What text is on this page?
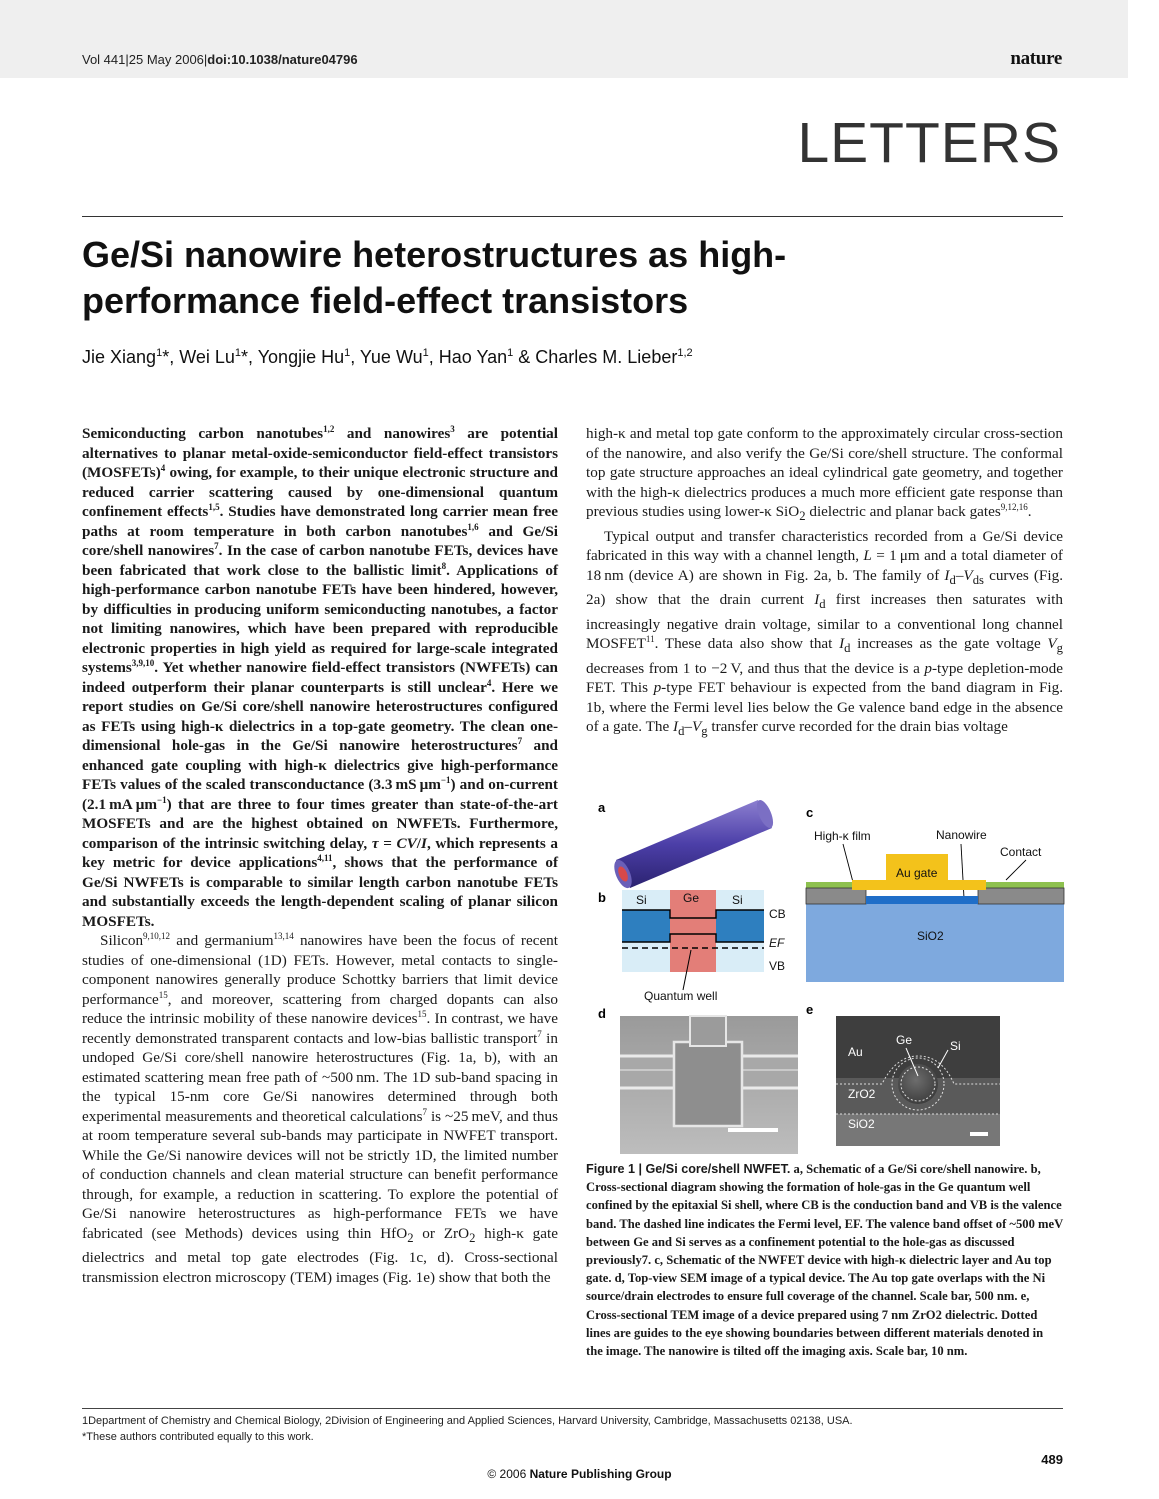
Vol 441|25 May 2006|doi:10.1038/nature04796	nature
LETTERS
Ge/Si nanowire heterostructures as high-performance field-effect transistors
Jie Xiang$^1$*, Wei Lu$^1$*, Yongjie Hu$^1$, Yue Wu$^1$, Hao Yan$^1$ & Charles M. Lieber$^{1,2}$

Semiconducting carbon nanotubes$^{1,2}$ and nanowires$^3$ are potential alternatives to planar metal-oxide-semiconductor field-effect transistors (MOSFETs)$^4$ owing, for example, to their unique electronic structure and reduced carrier scattering caused by one-dimensional quantum confinement effects$^{1,5}$. Studies have demonstrated long carrier mean free paths at room temperature in both carbon nanotubes$^{1,6}$ and Ge/Si core/shell nanowires$^7$. In the case of carbon nanotube FETs, devices have been fabricated that work close to the ballistic limit$^8$. Applications of high-performance carbon nanotube FETs have been hindered, however, by difficulties in producing uniform semiconducting nanotubes, a factor not limiting nanowires, which have been prepared with reproducible electronic properties in high yield as required for large-scale integrated systems$^{3,9,10}$. Yet whether nanowire field-effect transistors (NWFETs) can indeed outperform their planar counterparts is still unclear$^4$. Here we report studies on Ge/Si core/shell nanowire heterostructures configured as FETs using high-κ dielectrics in a top-gate geometry. The clean one-dimensional hole-gas in the Ge/Si nanowire heterostructures$^7$ and enhanced gate coupling with high-κ dielectrics give high-performance FETs values of the scaled transconductance (3.3 mS $\mu m^{-1}$) and on-current (2.1 mA $\mu m^{-1}$) that are three to four times greater than state-of-the-art MOSFETs and are the highest obtained on NWFETs. Furthermore, comparison of the intrinsic switching delay, τ = CV/I, which represents a key metric for device applications$^{4,11}$, shows that the performance of Ge/Si NWFETs is comparable to similar length carbon nanotube FETs and substantially exceeds the length-dependent scaling of planar silicon MOSFETs.

Silicon$^{9,10,12}$ and germanium$^{13,14}$ nanowires have been the focus of recent studies of one-dimensional (1D) FETs. However, metal contacts to single-component nanowires generally produce Schottky barriers that limit device performance$^{15}$, and moreover, scattering from charged dopants can also reduce the intrinsic mobility of these nanowire devices$^{15}$. In contrast, we have recently demonstrated transparent contacts and low-bias ballistic transport$^7$ in undoped Ge/Si core/shell nanowire heterostructures (Fig. 1a, b), with an estimated scattering mean free path of ~500 nm. The 1D sub-band spacing in the typical 15-nm core Ge/Si nanowires determined through both experimental measurements and theoretical calculations$^7$ is ~25 meV, and thus at room temperature several sub-bands may participate in NWFET transport. While the Ge/Si nanowire devices will not be strictly 1D, the limited number of conduction channels and clean material structure can benefit performance through, for example, a reduction in scattering. To explore the potential of Ge/Si nanowire heterostructures as high-performance FETs we have fabricated (see Methods) devices using thin HfO$_2$ or ZrO$_2$ high-κ gate dielectrics and metal top gate electrodes (Fig. 1c, d). Cross-sectional transmission electron microscopy (TEM) images (Fig. 1e) show that both the

high-κ and metal top gate conform to the approximately circular cross-section of the nanowire, and also verify the Ge/Si core/shell structure. The conformal top gate structure approaches an ideal cylindrical gate geometry, and together with the high-κ dielectrics produces a much more efficient gate response than previous studies using lower-κ SiO$_2$ dielectric and planar back gates$^{9,12,16}$.

Typical output and transfer characteristics recorded from a Ge/Si device fabricated in this way with a channel length, L = 1 μm and a total diameter of 18 nm (device A) are shown in Fig. 2a, b. The family of $I_d-V_{ds}$ curves (Fig. 2a) show that the drain current $I_d$ first increases then saturates with increasingly negative drain voltage, similar to a conventional long channel MOSFET$^{11}$. These data also show that $I_d$ increases as the gate voltage $V_g$ decreases from 1 to −2 V, and thus that the device is a p-type depletion-mode FET. This p-type FET behaviour is expected from the band diagram in Fig. 1b, where the Fermi level lies below the Ge valence band edge in the absence of a gate. The $I_d-V_g$ transfer curve recorded for the drain bias voltage

a
b	Si	Ge	Si
CB
EF
VB
Quantum well
c
High-κ film	Nanowire
Contact
Au gate
SiO2
d	e
Au
Ge	Si
ZrO2
SiO2
Figure 1 | Ge/Si core/shell NWFET. a, Schematic of a Ge/Si core/shell nanowire. b, Cross-sectional diagram showing the formation of hole-gas in the Ge quantum well confined by the epitaxial Si shell, where CB is the conduction band and VB is the valence band. The dashed line indicates the Fermi level, EF. The valence band offset of ~500 meV between Ge and Si serves as a confinement potential to the hole-gas as discussed previously7. c, Schematic of the NWFET device with high-κ dielectric layer and Au top gate. d, Top-view SEM image of a typical device. The Au top gate overlaps with the Ni source/drain electrodes to ensure full coverage of the channel. Scale bar, 500 nm. e, Cross-sectional TEM image of a device prepared using 7 nm ZrO2 dielectric. Dotted lines are guides to the eye showing boundaries between different materials denoted in the image. The nanowire is tilted off the imaging axis. Scale bar, 10 nm.
1Department of Chemistry and Chemical Biology, 2Division of Engineering and Applied Sciences, Harvard University, Cambridge, Massachusetts 02138, USA.
*These authors contributed equally to this work.
489
© 2006 Nature Publishing Group
